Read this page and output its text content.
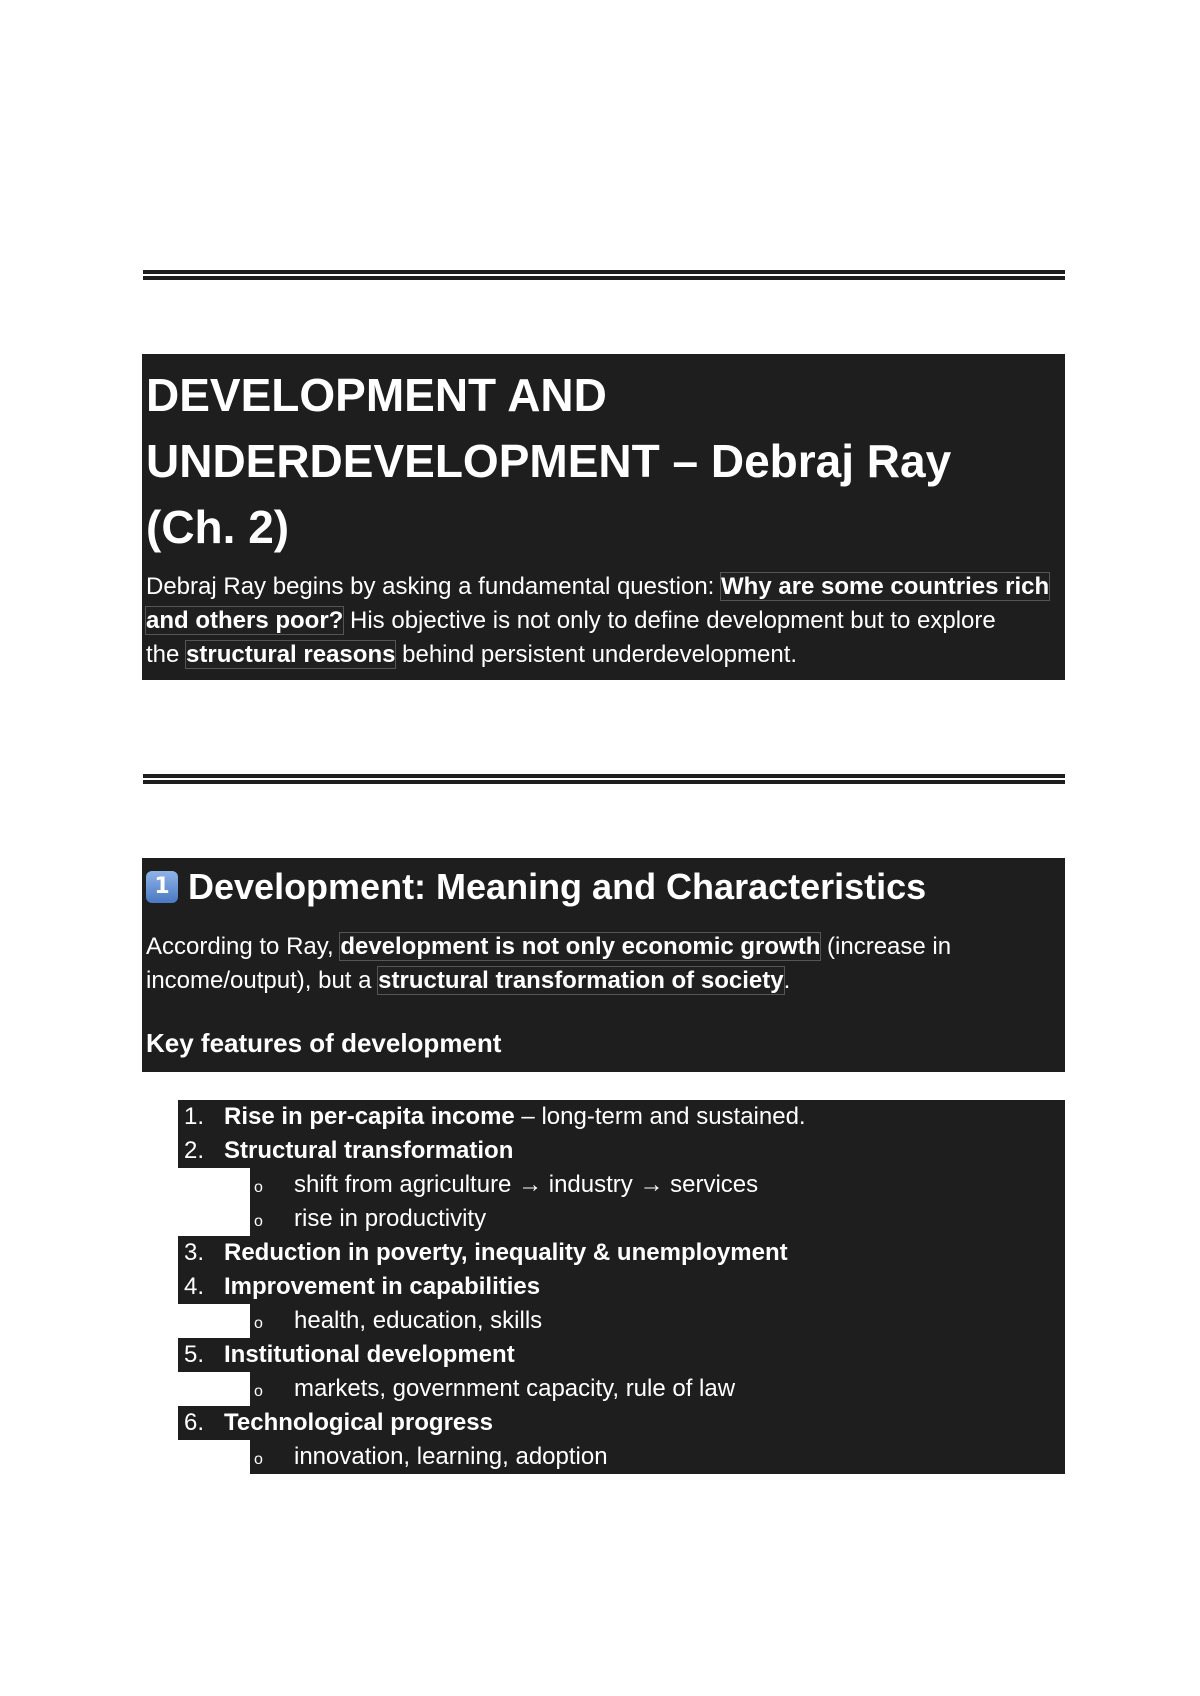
DEVELOPMENT AND

UNDERDEVELOPMENT – Debraj Ray

(Ch. 2)

Debraj Ray begins by asking a fundamental question: Why are some countries rich
and others poor? His objective is not only to define development but to explore
the structural reasons behind persistent underdevelopment.
1 Development: Meaning and Characteristics
According to Ray, development is not only economic growth (increase in
income/output), but a structural transformation of society.
Key features of development
1. Rise in per-capita income – long-term and sustained.
2. Structural transformation
o shift from agriculture → industry → services
o rise in productivity
3. Reduction in poverty, inequality & unemployment
4. Improvement in capabilities
o health, education, skills
5. Institutional development
o markets, government capacity, rule of law
6. Technological progress
o innovation, learning, adoption
